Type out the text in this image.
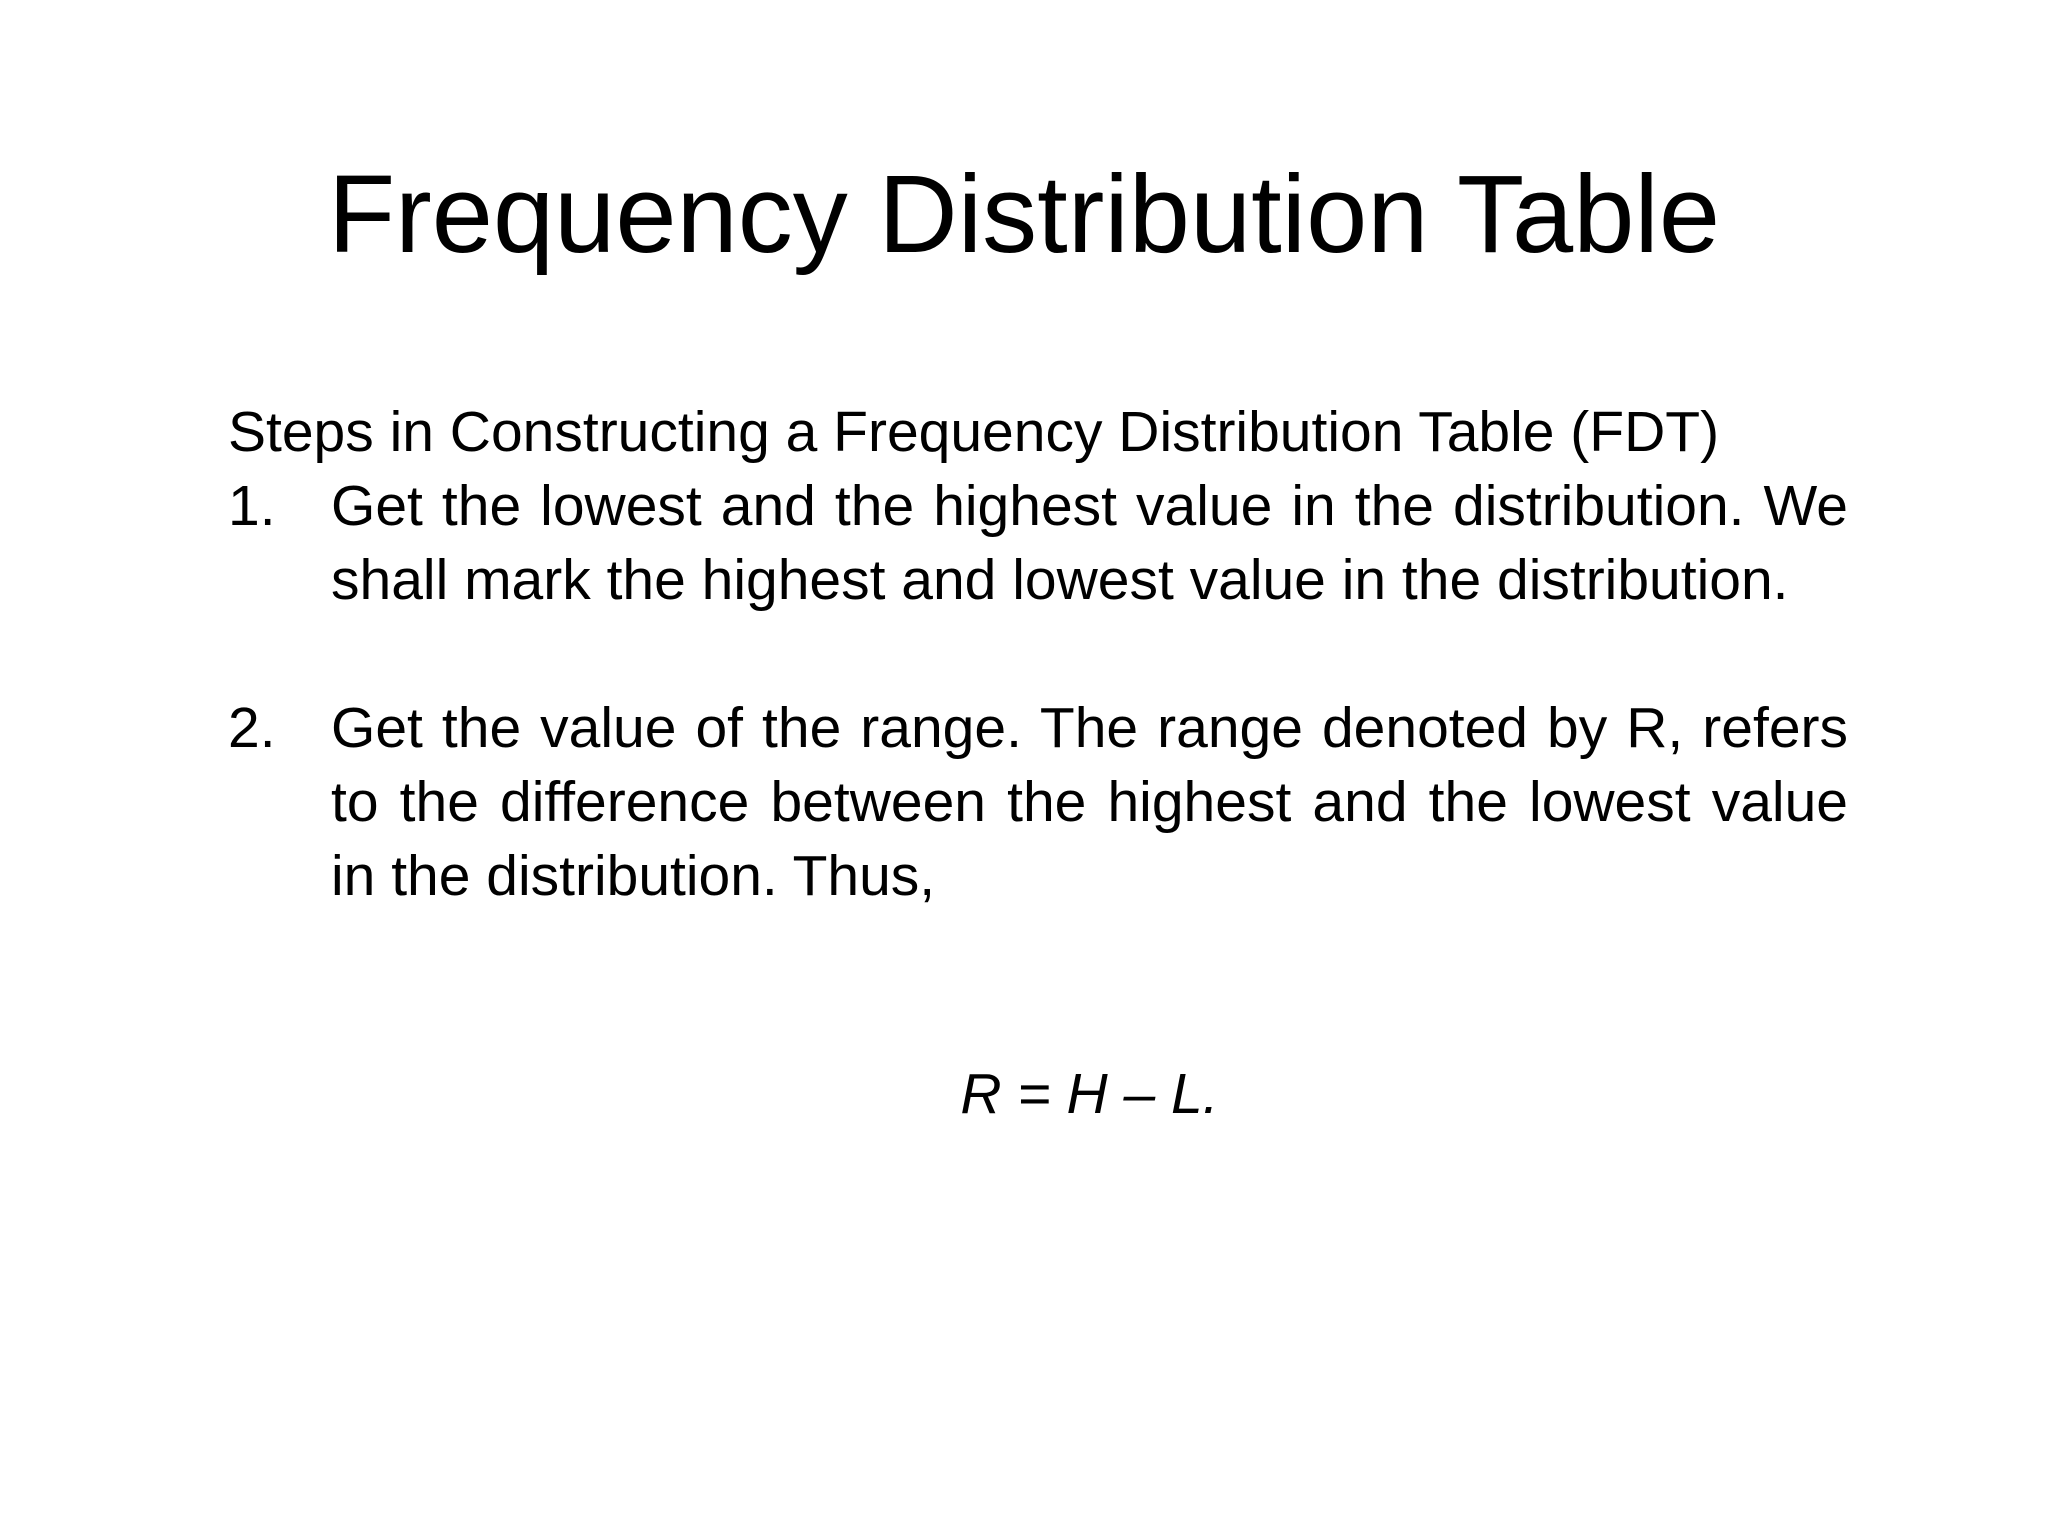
Frequency Distribution Table

Steps in Constructing a Frequency Distribution Table (FDT)

1. Get the lowest and the highest value in the distribution. We shall mark the highest and lowest value in the distribution.
2. Get the value of the range. The range denoted by R, refers to the difference between the highest and the lowest value in the distribution. Thus,
R = H – L.
